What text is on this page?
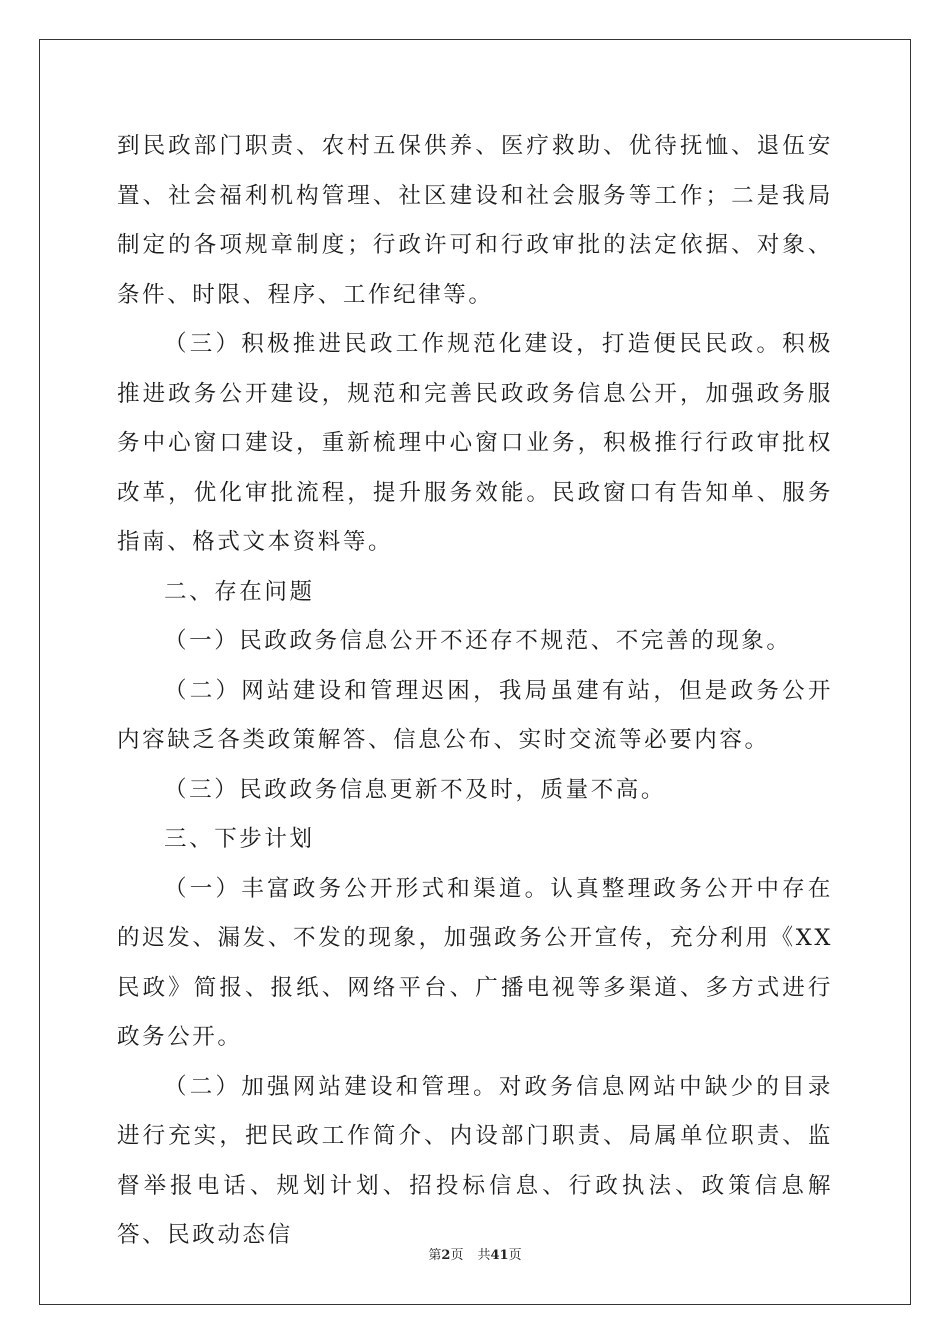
到民政部门职责、农村五保供养、医疗救助、优待抚恤、退伍安置、社会福利机构管理、社区建设和社会服务等工作；二是我局制定的各项规章制度；行政许可和行政审批的法定依据、对象、条件、时限、程序、工作纪律等。

（三）积极推进民政工作规范化建设，打造便民民政。积极推进政务公开建设，规范和完善民政政务信息公开，加强政务服务中心窗口建设，重新梳理中心窗口业务，积极推行行政审批权改革，优化审批流程，提升服务效能。民政窗口有告知单、服务指南、格式文本资料等。

二、存在问题

（一）民政政务信息公开不还存不规范、不完善的现象。

（二）网站建设和管理迟困，我局虽建有站，但是政务公开内容缺乏各类政策解答、信息公布、实时交流等必要内容。

（三）民政政务信息更新不及时，质量不高。

三、下步计划

（一）丰富政务公开形式和渠道。认真整理政务公开中存在的迟发、漏发、不发的现象，加强政务公开宣传，充分利用《XX民政》简报、报纸、网络平台、广播电视等多渠道、多方式进行政务公开。

（二）加强网站建设和管理。对政务信息网站中缺少的目录进行充实，把民政工作简介、内设部门职责、局属单位职责、监督举报电话、规划计划、招投标信息、行政执法、政策信息解答、民政动态信

第2页 共41页
